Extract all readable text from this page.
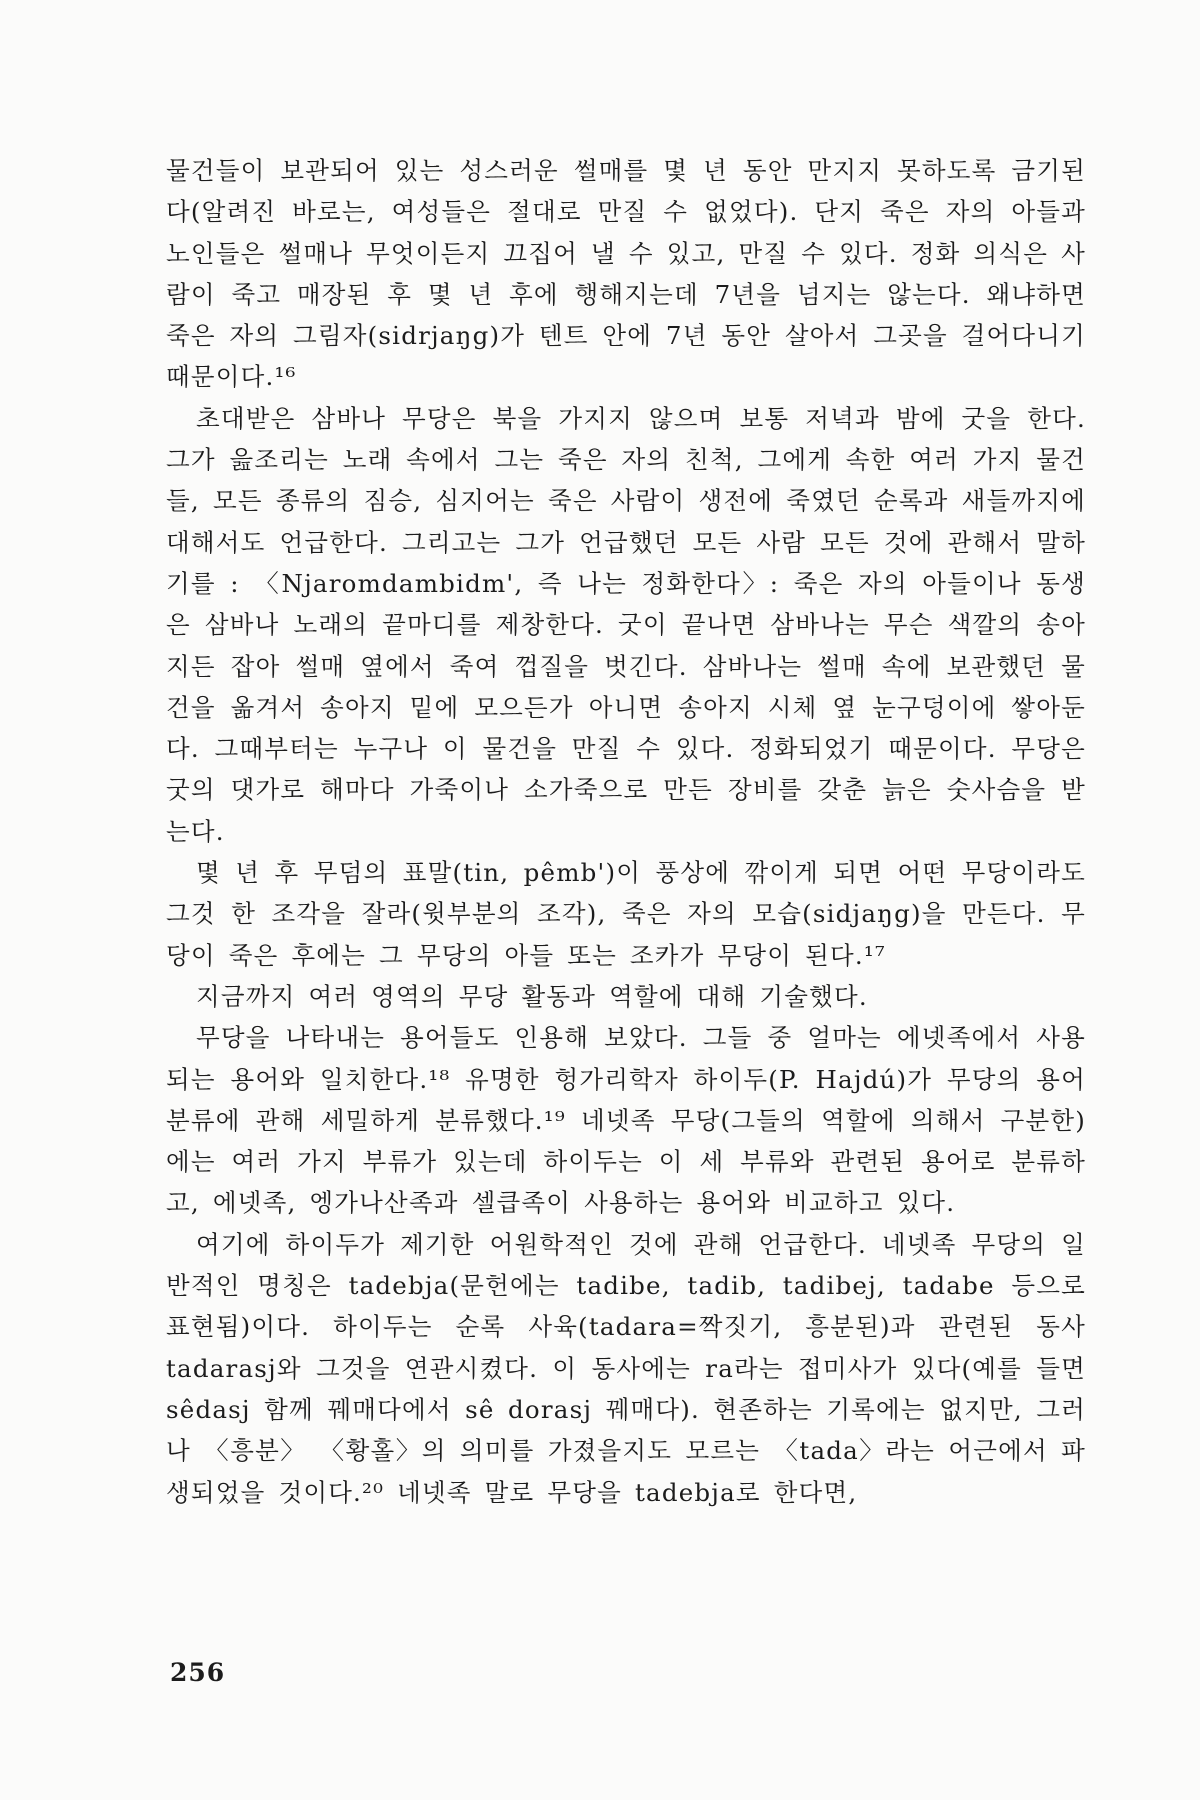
물건들이 보관되어 있는 성스러운 썰매를 몇 년 동안 만지지 못하도록 금기된다(알려진 바로는, 여성들은 절대로 만질 수 없었다). 단지 죽은 자의 아들과 노인들은 썰매나 무엇이든지 끄집어 낼 수 있고, 만질 수 있다. 정화 의식은 사람이 죽고 매장된 후 몇 년 후에 행해지는데 7년을 넘지는 않는다. 왜냐하면 죽은 자의 그림자(sidrjaŋg)가 텐트 안에 7년 동안 살아서 그곳을 걸어다니기 때문이다.¹⁶

초대받은 삼바나 무당은 북을 가지지 않으며 보통 저녁과 밤에 굿을 한다. 그가 읊조리는 노래 속에서 그는 죽은 자의 친척, 그에게 속한 여러 가지 물건들, 모든 종류의 짐승, 심지어는 죽은 사람이 생전에 죽였던 순록과 새들까지에 대해서도 언급한다. 그리고는 그가 언급했던 모든 사람 모든 것에 관해서 말하기를 : 〈Njaromdambidm', 즉 나는 정화한다〉: 죽은 자의 아들이나 동생은 삼바나 노래의 끝마디를 제창한다. 굿이 끝나면 삼바나는 무슨 색깔의 송아지든 잡아 썰매 옆에서 죽여 껍질을 벗긴다. 삼바나는 썰매 속에 보관했던 물건을 옮겨서 송아지 밑에 모으든가 아니면 송아지 시체 옆 눈구덩이에 쌓아둔다. 그때부터는 누구나 이 물건을 만질 수 있다. 정화되었기 때문이다. 무당은 굿의 댓가로 해마다 가죽이나 소가죽으로 만든 장비를 갖춘 늙은 숫사슴을 받는다.

몇 년 후 무덤의 표말(tin, pêmb')이 풍상에 깎이게 되면 어떤 무당이라도 그것 한 조각을 잘라(윗부분의 조각), 죽은 자의 모습(sidjaŋg)을 만든다. 무당이 죽은 후에는 그 무당의 아들 또는 조카가 무당이 된다.¹⁷

지금까지 여러 영역의 무당 활동과 역할에 대해 기술했다.

무당을 나타내는 용어들도 인용해 보았다. 그들 중 얼마는 에넷족에서 사용되는 용어와 일치한다.¹⁸ 유명한 헝가리학자 하이두(P. Hajdú)가 무당의 용어 분류에 관해 세밀하게 분류했다.¹⁹ 네넷족 무당(그들의 역할에 의해서 구분한)에는 여러 가지 부류가 있는데 하이두는 이 세 부류와 관련된 용어로 분류하고, 에넷족, 엥가나산족과 셀큽족이 사용하는 용어와 비교하고 있다.

여기에 하이두가 제기한 어원학적인 것에 관해 언급한다. 네넷족 무당의 일반적인 명칭은 tadebja(문헌에는 tadibe, tadib, tadibej, tadabe 등으로 표현됨)이다. 하이두는 순록 사육(tadara=짝짓기, 흥분된)과 관련된 동사 tadarasj와 그것을 연관시켰다. 이 동사에는 ra라는 접미사가 있다(예를 들면 sêdasj 함께 꿰매다에서 sê dorasj 꿰매다). 현존하는 기록에는 없지만, 그러나 〈흥분〉 〈황홀〉의 의미를 가졌을지도 모르는 〈tada〉라는 어근에서 파생되었을 것이다.²⁰ 네넷족 말로 무당을 tadebja로 한다면,

256
